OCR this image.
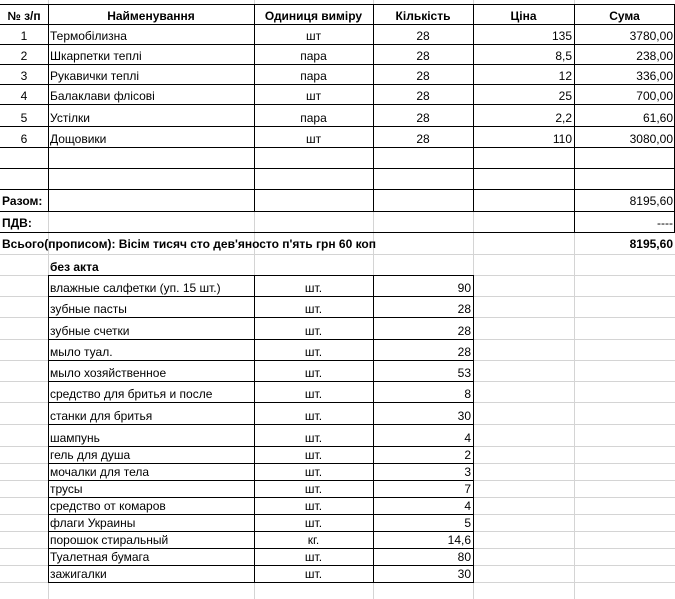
№ з/п	Найменування	Одиниця виміру	Кількість	Ціна	Сума
1	Термобілизна	шт	28	135	3780,00
2	Шкарпетки теплі	пара	28	8,5	238,00
3	Рукавички теплі	пара	28	12	336,00
4	Балаклави флісові	шт	28	25	700,00
5	Устілки	пара	28	2,2	61,60
6	Дощовики	шт	28	110	3080,00
Разом:	8195,60
ПДВ:	----
Всього(прописом): Вісім тисяч сто дев'яносто п'ять грн 60 коп	8195,60
без акта
влажные салфетки (уп. 15 шт.)	шт.	90
зубные пасты	шт.	28
зубные счетки	шт.	28
мыло туал.	шт.	28
мыло хозяйственное	шт.	53
средство для бритья и после	шт.	8
станки для бритья	шт.	30
шампунь	шт.	4
гель для душа	шт.	2
мочалки для тела	шт.	3
трусы	шт.	7
средство от комаров	шт.	4
флаги Украины	шт.	5
порошок стиральный	кг.	14,6
Туалетная бумага	шт.	80
зажигалки	шт.	30
